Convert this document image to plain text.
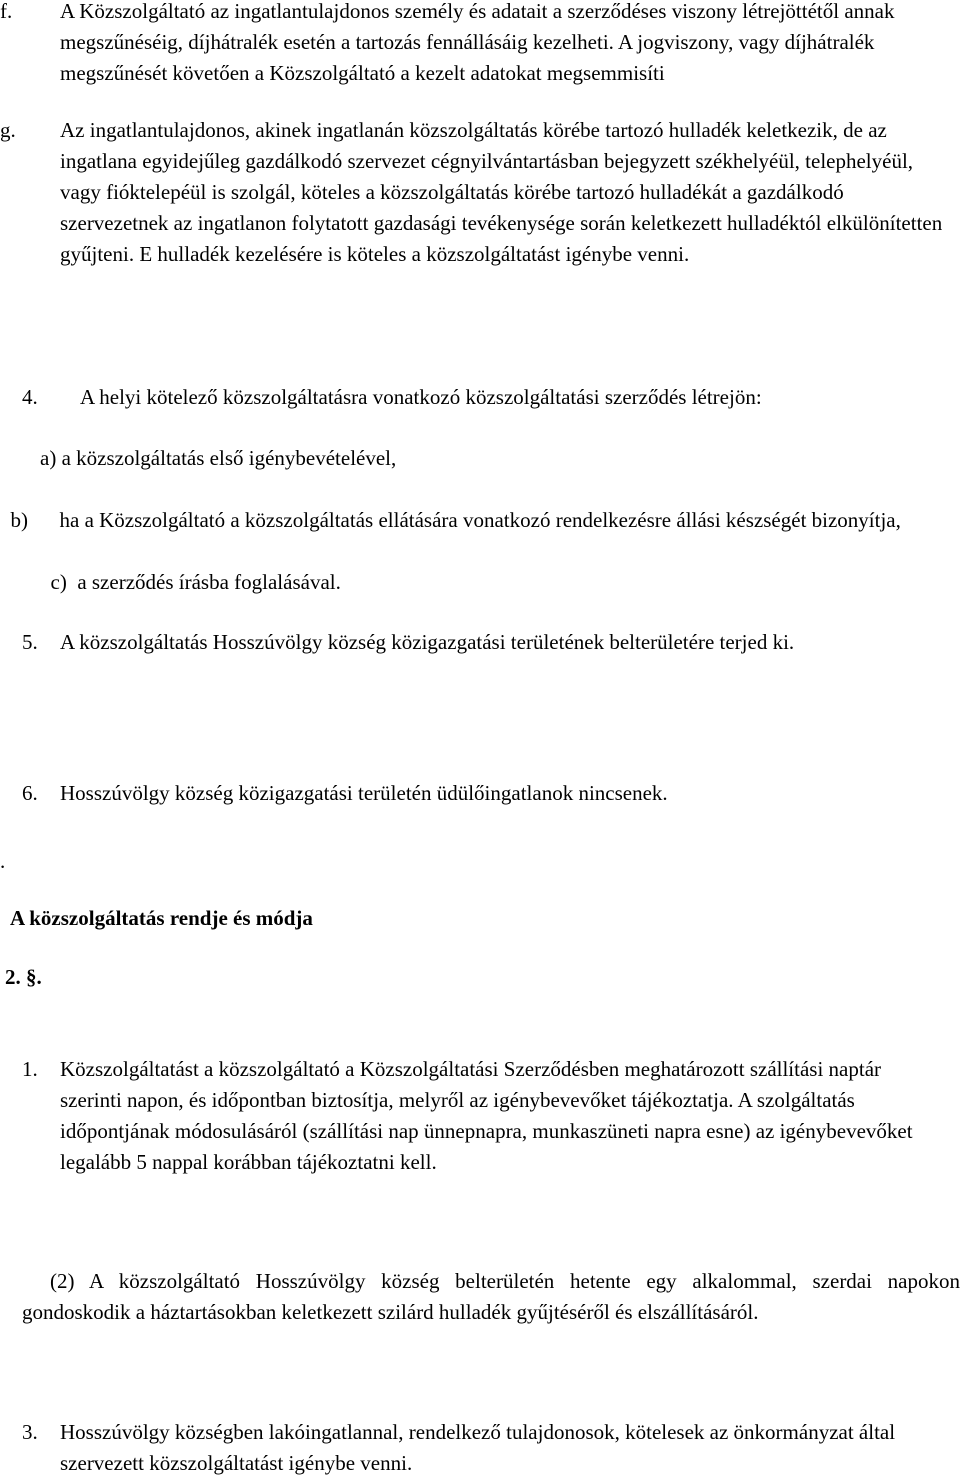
f. A Közszolgáltató az ingatlantulajdonos személy és adatait a szerződéses viszony létrejöttétől annak megszűnéséig, díjhátralék esetén a tartozás fennállásáig kezelheti. A jogviszony, vagy díjhátralék megszűnését követően a Közszolgáltató a kezelt adatokat megsemmisíti
g. Az ingatlantulajdonos, akinek ingatlanán közszolgáltatás körébe tartozó hulladék keletkezik, de az ingatlana egyidejűleg gazdálkodó szervezet cégnyilvántartásban bejegyzett székhelyéül, telephelyéül, vagy fióktelepéül is szolgál, köteles a közszolgáltatás körébe tartozó hulladékát a gazdálkodó szervezetnek az ingatlanon folytatott gazdasági tevékenysége során keletkezett hulladéktól elkülönítetten gyűjteni. E hulladék kezelésére is köteles a közszolgáltatást igénybe venni.
4. A helyi kötelező közszolgáltatásra vonatkozó közszolgáltatási szerződés létrejön:
a) a közszolgáltatás első igénybevételével,

b)      ha a Közszolgáltató a közszolgáltatás ellátására vonatkozó rendelkezésre állási készségét bizonyítja,

c)  a szerződés írásba foglalásával.

5. A közszolgáltatás Hosszúvölgy község közigazgatási területének belterületére terjed ki.
6. Hosszúvölgy község közigazgatási területén üdülőingatlanok nincsenek.
.
A közszolgáltatás rendje és módja
2. §.
1. Közszolgáltatást a közszolgáltató a Közszolgáltatási Szerződésben meghatározott szállítási naptár szerinti napon, és időpontban biztosítja, melyről az igénybevevőket tájékoztatja. A szolgáltatás időpontjának módosulásáról (szállítási nap ünnepnapra, munkaszüneti napra esne) az igénybevevőket legalább 5 nappal korábban tájékoztatni kell.
(2) A közszolgáltató Hosszúvölgy község belterületén hetente egy alkalommal, szerdai napokon gondoskodik a háztartásokban keletkezett szilárd hulladék gyűjtéséről és elszállításáról.
3. Hosszúvölgy községben lakóingatlannal, rendelkező tulajdonosok, kötelesek az önkormányzat által szervezett közszolgáltatást igénybe venni.
